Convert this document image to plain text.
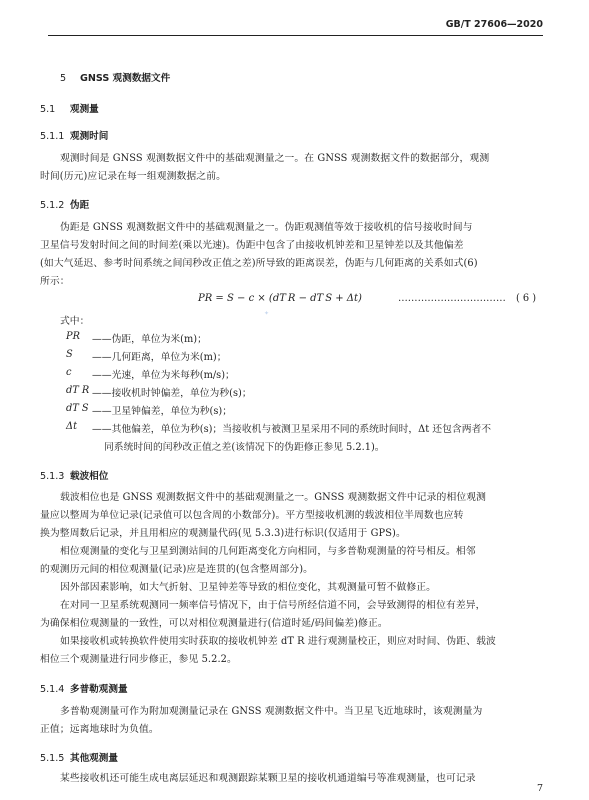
GB/T 27606—2020
5 GNSS 观测数据文件
5.1 观测量
5.1.1 观测时间
观测时间是 GNSS 观测数据文件中的基础观测量之一。在 GNSS 观测数据文件的数据部分，观测
时间(历元)应记录在每一组观测数据之前。
5.1.2 伪距
伪距是 GNSS 观测数据文件中的基础观测量之一。伪距观测值等效于接收机的信号接收时间与
卫星信号发射时间之间的时间差(乘以光速)。伪距中包含了由接收机钟差和卫星钟差以及其他偏差
(如大气延迟、参考时间系统之间闰秒改正值之差)所导致的距离误差，伪距与几何距离的关系如式(6)
所示：
PR = S − c × (dT R − dT S + Δt)	…………………………… ( 6 )
✦
式中：
PR ——伪距，单位为米(m)；
S ——几何距离，单位为米(m)；
c ——光速，单位为米每秒(m/s)；
dT R ——接收机时钟偏差，单位为秒(s)；
dT S ——卫星钟偏差，单位为秒(s)；
Δt ——其他偏差，单位为秒(s)；当接收机与被测卫星采用不同的系统时间时，Δt 还包含两者不
同系统时间的闰秒改正值之差(该情况下的伪距修正参见 5.2.1)。
5.1.3 载波相位
载波相位也是 GNSS 观测数据文件中的基础观测量之一。GNSS 观测数据文件中记录的相位观测
量应以整周为单位记录(记录值可以包含周的小数部分)。平方型接收机测的载波相位半周数也应转
换为整周数后记录，并且用相应的观测量代码(见 5.3.3)进行标识(仅适用于 GPS)。
相位观测量的变化与卫星到测站间的几何距离变化方向相同，与多普勒观测量的符号相反。相邻
的观测历元间的相位观测量(记录)应是连贯的(包含整周部分)。
因外部因素影响，如大气折射、卫星钟差等导致的相位变化，其观测量可暂不做修正。
在对同一卫星系统观测同一频率信号情况下，由于信号所经信道不同，会导致测得的相位有差异，
为确保相位观测量的一致性，可以对相位观测量进行(信道时延/码间偏差)修正。
如果接收机或转换软件使用实时获取的接收机钟差 dT R 进行观测量校正，则应对时间、伪距、载波
相位三个观测量进行同步修正，参见 5.2.2。
5.1.4 多普勒观测量
多普勒观测量可作为附加观测量记录在 GNSS 观测数据文件中。当卫星飞近地球时，该观测量为
正值；远离地球时为负值。
5.1.5 其他观测量
某些接收机还可能生成电离层延迟和观测跟踪某颗卫星的接收机通道编号等准观测量，也可记录
7
